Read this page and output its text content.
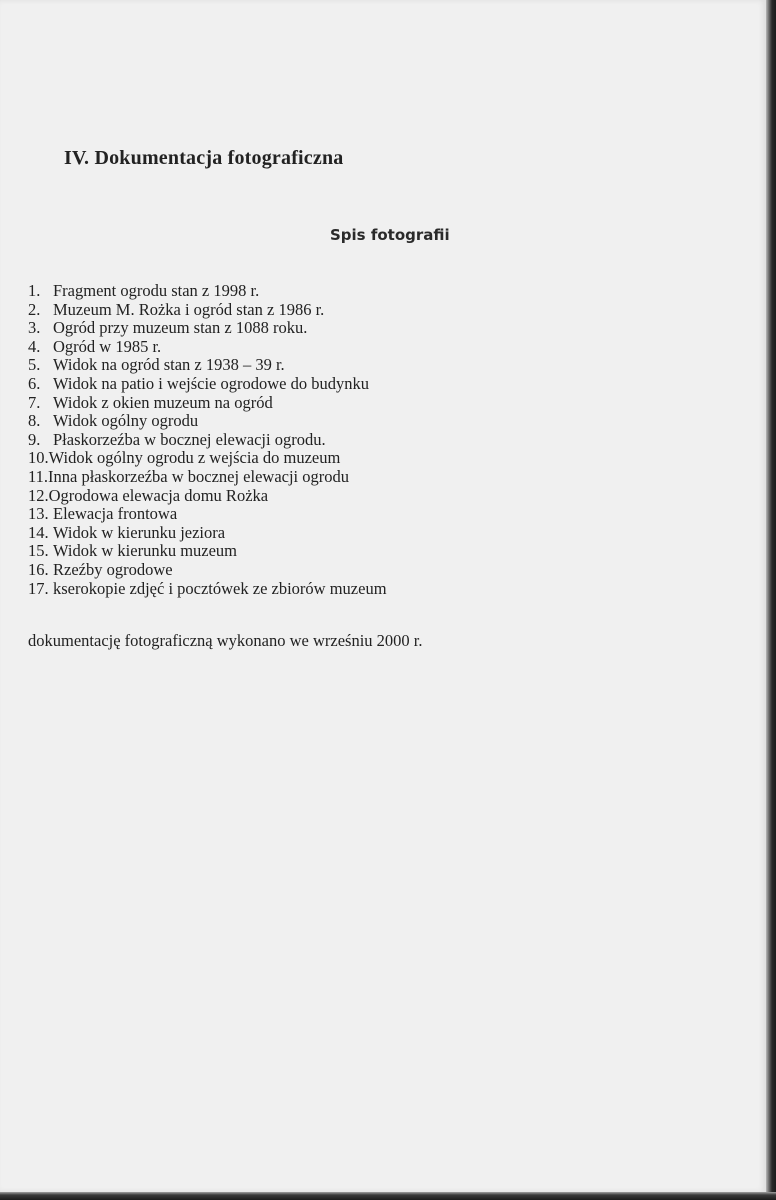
IV. Dokumentacja fotograficzna
Spis fotografii
1. Fragment ogrodu stan z 1998 r.
2. Muzeum M. Rożka i ogród stan z 1986 r.
3. Ogród przy muzeum stan z 1088 roku.
4. Ogród w 1985 r.
5. Widok na ogród stan z 1938 – 39 r.
6. Widok na patio i wejście ogrodowe do budynku
7. Widok z okien muzeum na ogród
8. Widok ogólny ogrodu
9. Płaskorzeźba w bocznej elewacji ogrodu.
10. Widok ogólny ogrodu z wejścia do muzeum
11. Inna płaskorzeźba w bocznej elewacji ogrodu
12. Ogrodowa elewacja domu Rożka
13. Elewacja frontowa
14. Widok w kierunku jeziora
15. Widok w kierunku muzeum
16. Rzeźby ogrodowe
17. kserokopie zdjęć i pocztówek ze zbiorów muzeum

dokumentację fotograficzną wykonano we wrześniu 2000 r.
